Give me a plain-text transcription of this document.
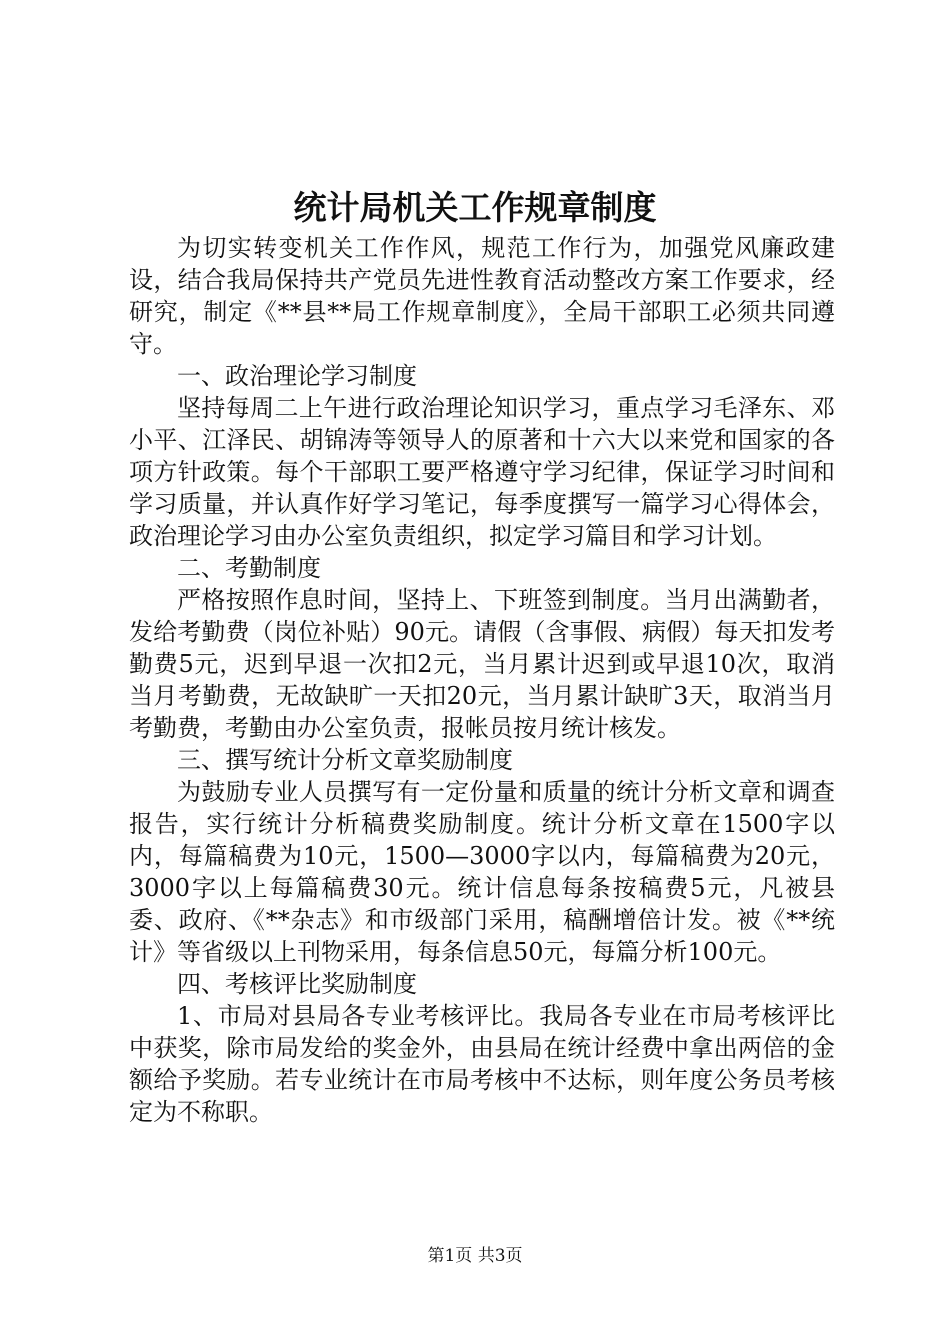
统计局机关工作规章制度

为切实转变机关工作作风，规范工作行为，加强党风廉政建设，结合我局保持共产党员先进性教育活动整改方案工作要求，经研究，制定《**县**局工作规章制度》，全局干部职工必须共同遵守。

一、政治理论学习制度

坚持每周二上午进行政治理论知识学习，重点学习毛泽东、邓小平、江泽民、胡锦涛等领导人的原著和十六大以来党和国家的各项方针政策。每个干部职工要严格遵守学习纪律，保证学习时间和学习质量，并认真作好学习笔记，每季度撰写一篇学习心得体会，政治理论学习由办公室负责组织，拟定学习篇目和学习计划。

二、考勤制度

严格按照作息时间，坚持上、下班签到制度。当月出满勤者，发给考勤费（岗位补贴）90元。请假（含事假、病假）每天扣发考勤费5元，迟到早退一次扣2元，当月累计迟到或早退10次，取消当月考勤费，无故缺旷一天扣20元，当月累计缺旷3天，取消当月考勤费，考勤由办公室负责，报帐员按月统计核发。

三、撰写统计分析文章奖励制度

为鼓励专业人员撰写有一定份量和质量的统计分析文章和调查报告，实行统计分析稿费奖励制度。统计分析文章在1500字以内，每篇稿费为10元，1500—3000字以内，每篇稿费为20元，3000字以上每篇稿费30元。统计信息每条按稿费5元，凡被县委、政府、《**杂志》和市级部门采用，稿酬增倍计发。被《**统计》等省级以上刊物采用，每条信息50元，每篇分析100元。

四、考核评比奖励制度

1、市局对县局各专业考核评比。我局各专业在市局考核评比中获奖，除市局发给的奖金外，由县局在统计经费中拿出两倍的金额给予奖励。若专业统计在市局考核中不达标，则年度公务员考核定为不称职。

第1页 共3页
